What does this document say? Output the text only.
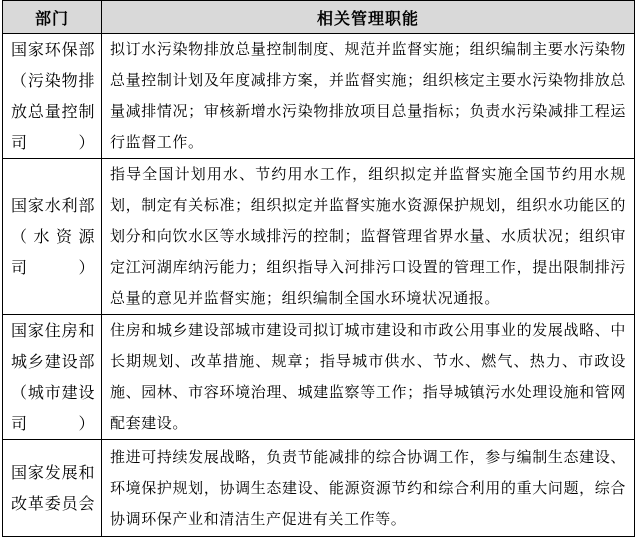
部门	相关管理职能
国家环保部（污染物排放总量控制司）	拟订水污染物排放总量控制制度、规范并监督实施；组织编制主要水污染物总量控制计划及年度减排方案，并监督实施；组织核定主要水污染物排放总量减排情况；审核新增水污染物排放项目总量指标；负责水污染减排工程运行监督工作。
国家水利部（水资源司）	指导全国计划用水、节约用水工作，组织拟定并监督实施全国节约用水规划，制定有关标准；组织拟定并监督实施水资源保护规划，组织水功能区的划分和向饮水区等水域排污的控制；监督管理省界水量、水质状况；组织审定江河湖库纳污能力；组织指导入河排污口设置的管理工作，提出限制排污总量的意见并监督实施；组织编制全国水环境状况通报。
国家住房和城乡建设部（城市建设司）	住房和城乡建设部城市建设司拟订城市建设和市政公用事业的发展战略、中长期规划、改革措施、规章；指导城市供水、节水、燃气、热力、市政设施、园林、市容环境治理、城建监察等工作；指导城镇污水处理设施和管网配套建设。
国家发展和改革委员会	推进可持续发展战略，负责节能减排的综合协调工作，参与编制生态建设、环境保护规划，协调生态建设、能源资源节约和综合利用的重大问题，综合协调环保产业和清洁生产促进有关工作等。
